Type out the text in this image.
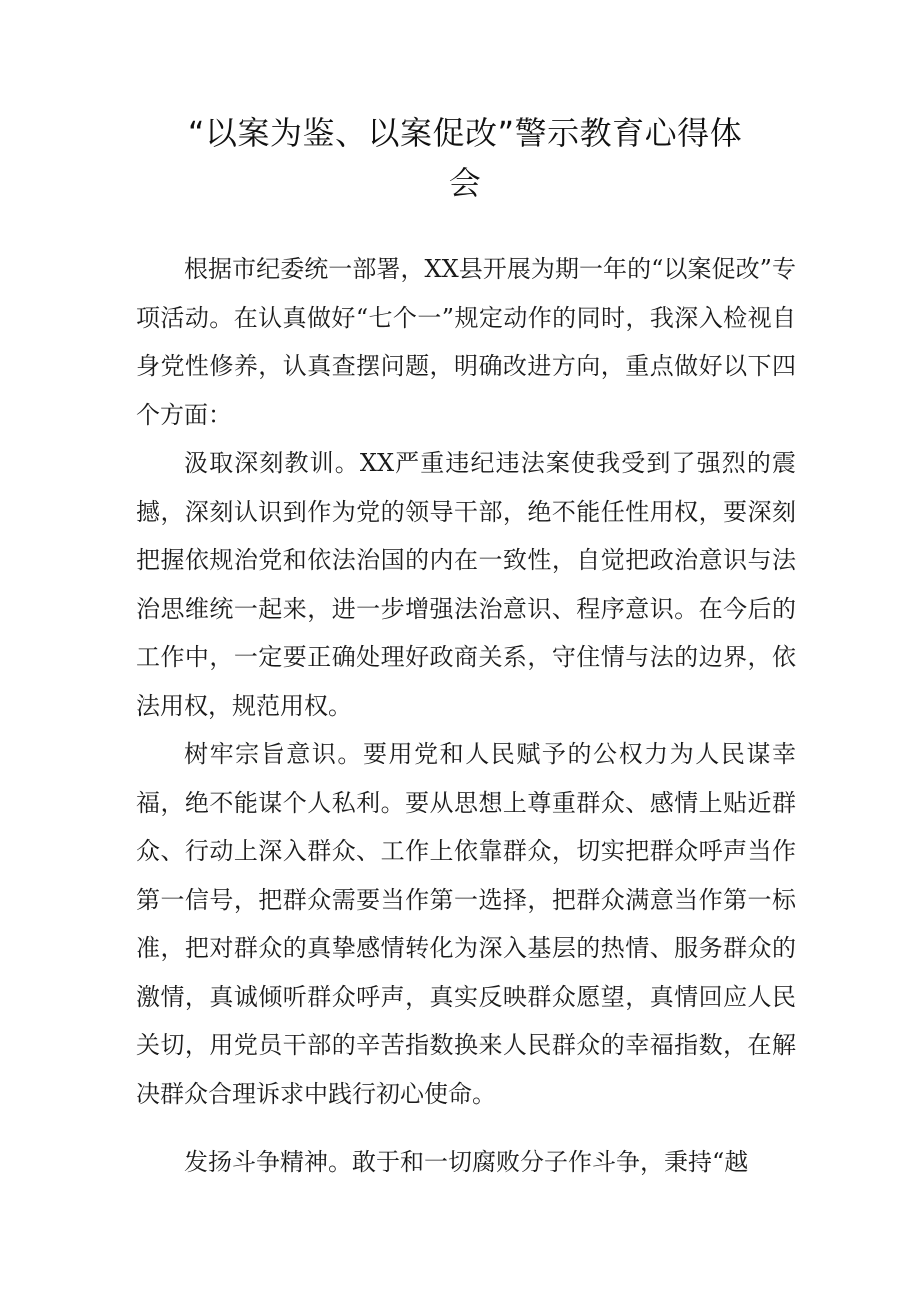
“以案为鉴、以案促改”警示教育心得体
会

根据市纪委统一部署，XX县开展为期一年的“以案促改”专项活动。在认真做好“七个一”规定动作的同时，我深入检视自身党性修养，认真查摆问题，明确改进方向，重点做好以下四个方面：

汲取深刻教训。XX严重违纪违法案使我受到了强烈的震撼，深刻认识到作为党的领导干部，绝不能任性用权，要深刻把握依规治党和依法治国的内在一致性，自觉把政治意识与法治思维统一起来，进一步增强法治意识、程序意识。在今后的工作中，一定要正确处理好政商关系，守住情与法的边界，依法用权，规范用权。

树牢宗旨意识。要用党和人民赋予的公权力为人民谋幸福，绝不能谋个人私利。要从思想上尊重群众、感情上贴近群众、行动上深入群众、工作上依靠群众，切实把群众呼声当作第一信号，把群众需要当作第一选择，把群众满意当作第一标准，把对群众的真挚感情转化为深入基层的热情、服务群众的激情，真诚倾听群众呼声，真实反映群众愿望，真情回应人民关切，用党员干部的辛苦指数换来人民群众的幸福指数，在解决群众合理诉求中践行初心使命。

发扬斗争精神。敢于和一切腐败分子作斗争，秉持“越
